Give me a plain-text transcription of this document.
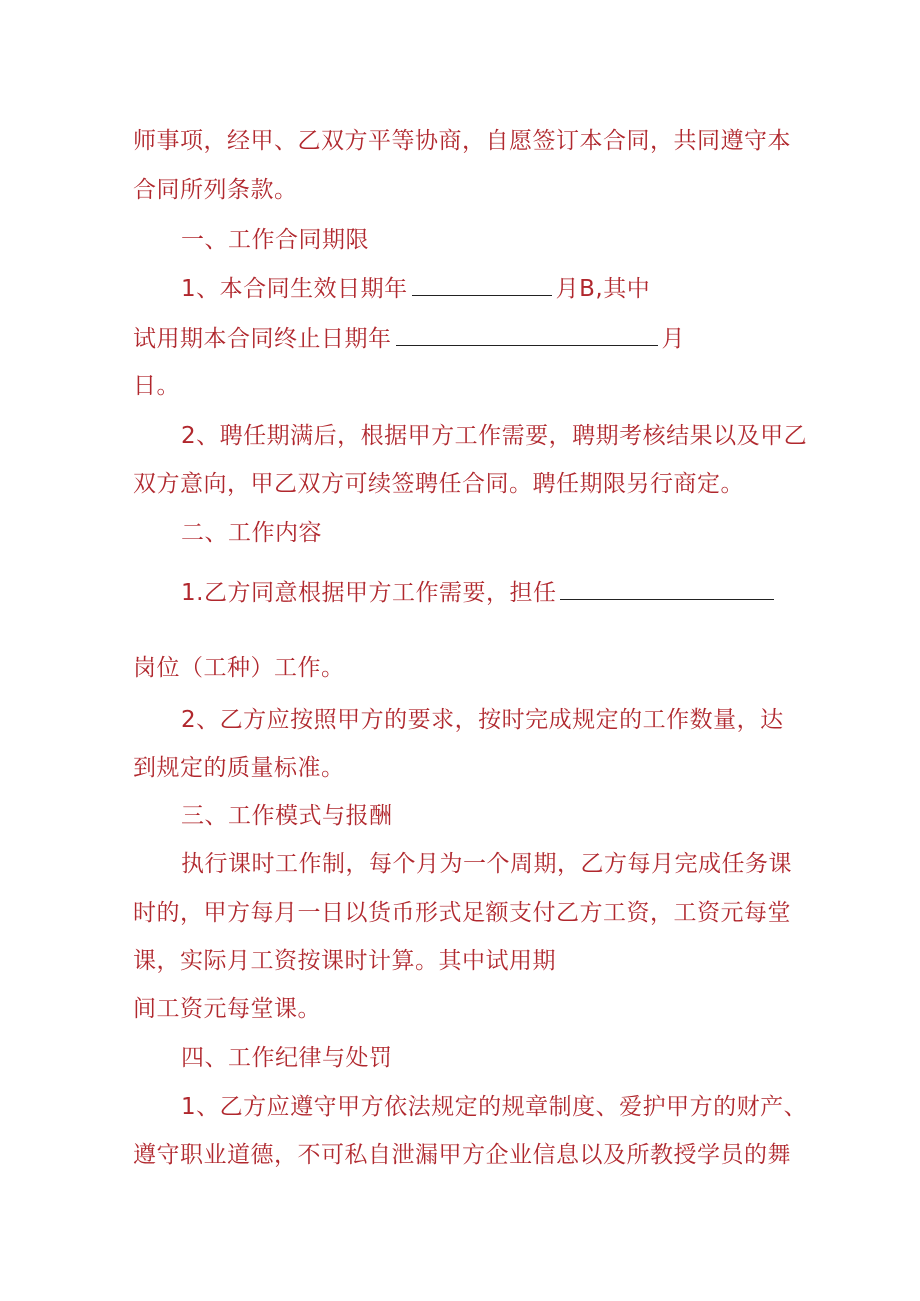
师事项，经甲、乙双方平等协商，自愿签订本合同，共同遵守本
合同所列条款。
一、工作合同期限
1、本合同生效日期年	月B,其中
试用期本合同终止日期年	月
日。
2、聘任期满后，根据甲方工作需要，聘期考核结果以及甲乙
双方意向，甲乙双方可续签聘任合同。聘任期限另行商定。
二、工作内容
1.乙方同意根据甲方工作需要，担任
岗位（工种）工作。
2、乙方应按照甲方的要求，按时完成规定的工作数量，达
到规定的质量标准。
三、工作模式与报酬
执行课时工作制，每个月为一个周期，乙方每月完成任务课
时的，甲方每月一日以货币形式足额支付乙方工资，工资元每堂
课，实际月工资按课时计算。其中试用期
间工资元每堂课。
四、工作纪律与处罚
1、乙方应遵守甲方依法规定的规章制度、爱护甲方的财产、
遵守职业道德，不可私自泄漏甲方企业信息以及所教授学员的舞
